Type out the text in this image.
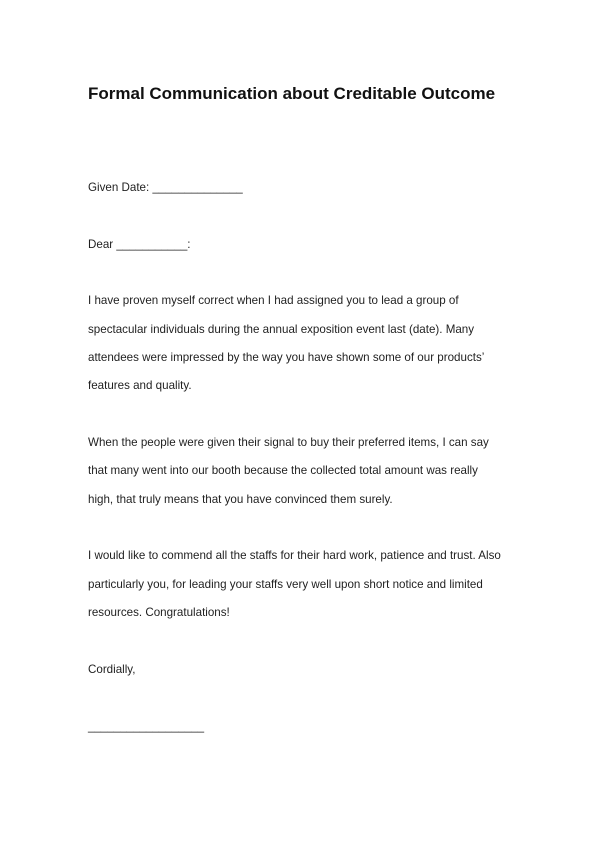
Formal Communication about Creditable Outcome
Given Date: ______________
Dear ___________:
I have proven myself correct when I had assigned you to lead a group of
spectacular individuals during the annual exposition event last (date). Many
attendees were impressed by the way you have shown some of our products’
features and quality.
When the people were given their signal to buy their preferred items, I can say
that many went into our booth because the collected total amount was really
high, that truly means that you have convinced them surely.
I would like to commend all the staffs for their hard work, patience and trust. Also
particularly you, for leading your staffs very well upon short notice and limited
resources. Congratulations!
Cordially,
__________________
